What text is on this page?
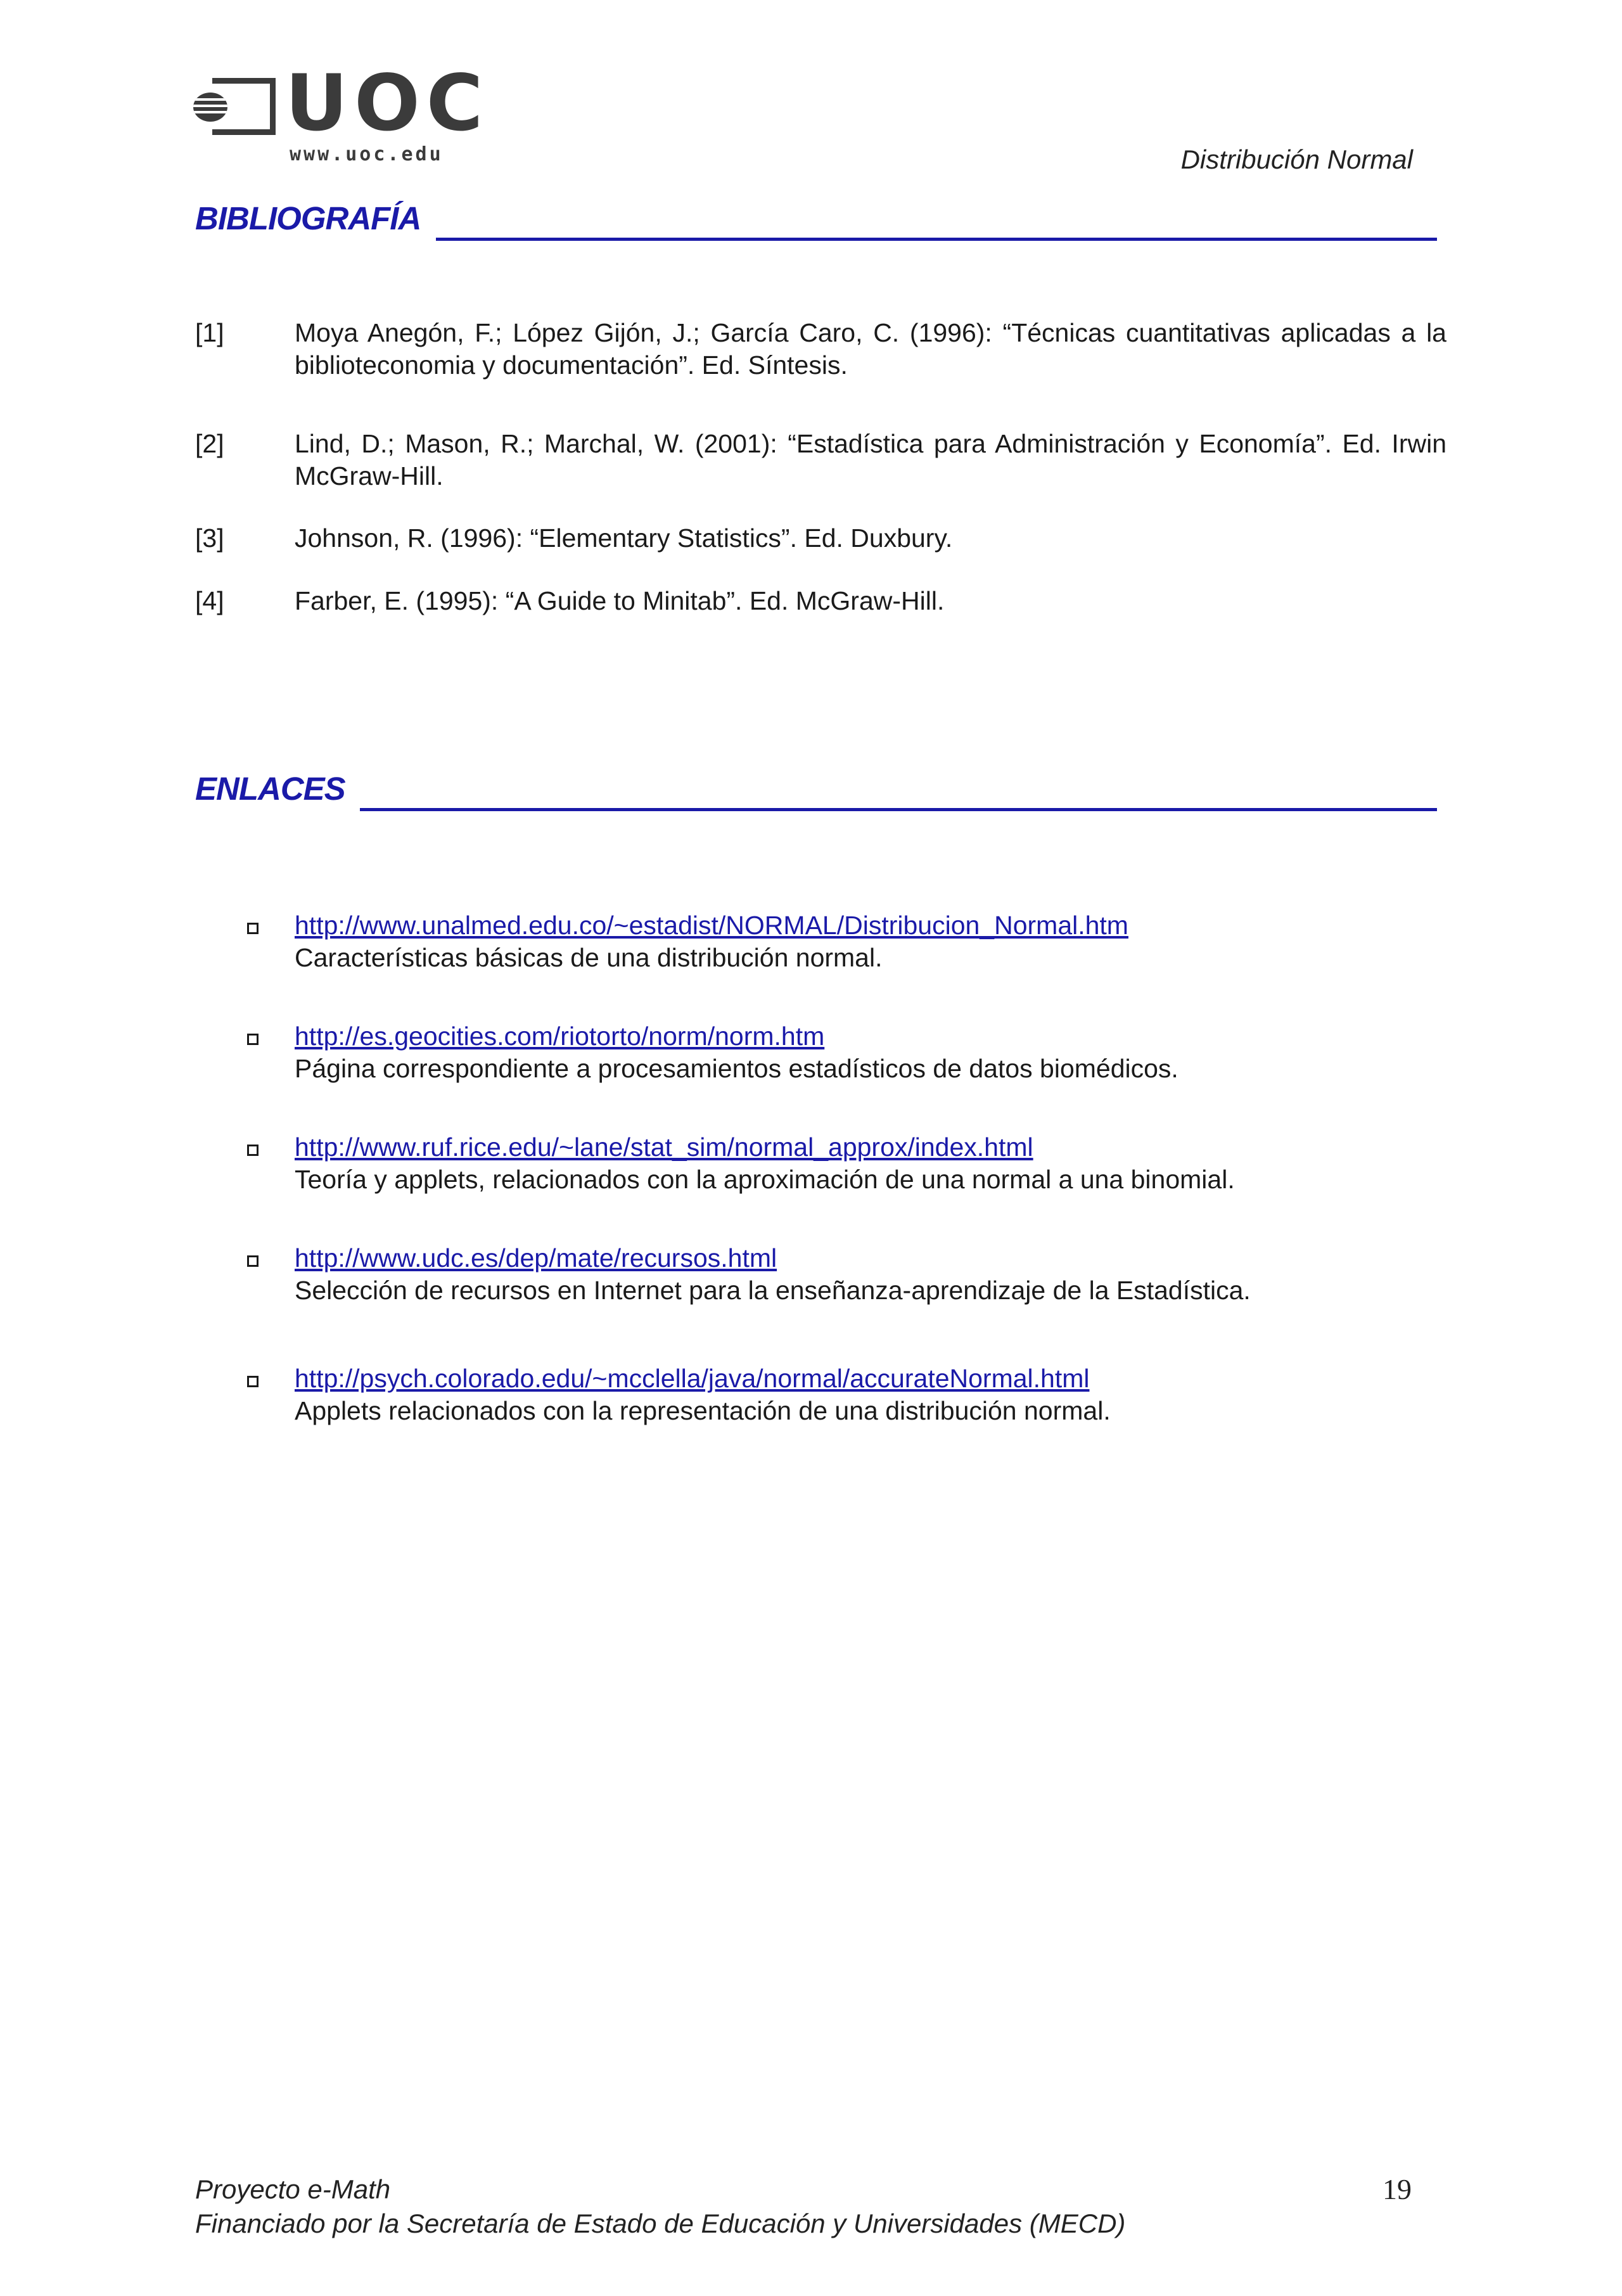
UOC
www.uoc.edu	Distribución Normal
BIBLIOGRAFÍA
[1]	Moya Anegón, F.; López Gijón, J.; García Caro, C. (1996): “Técnicas cuantitativas aplicadas a la biblioteconomia y documentación”. Ed. Síntesis.
[2]	Lind, D.; Mason, R.; Marchal, W. (2001): “Estadística para Administración y Economía”. Ed. Irwin McGraw-Hill.
[3]	Johnson, R. (1996): “Elementary Statistics”. Ed. Duxbury.
[4]	Farber, E. (1995): “A Guide to Minitab”. Ed. McGraw-Hill.
ENLACES
http://www.unalmed.edu.co/~estadist/NORMAL/Distribucion_Normal.htm
Características básicas de una distribución normal.
http://es.geocities.com/riotorto/norm/norm.htm
Página correspondiente a procesamientos estadísticos de datos biomédicos.
http://www.ruf.rice.edu/~lane/stat_sim/normal_approx/index.html
Teoría y applets, relacionados con la aproximación de una normal a una binomial.
http://www.udc.es/dep/mate/recursos.html
Selección de recursos en Internet para la enseñanza-aprendizaje de la Estadística.
http://psych.colorado.edu/~mcclella/java/normal/accurateNormal.html
Applets relacionados con la representación de una distribución normal.
Proyecto e-Math
Financiado por la Secretaría de Estado de Educación y Universidades (MECD)
19
